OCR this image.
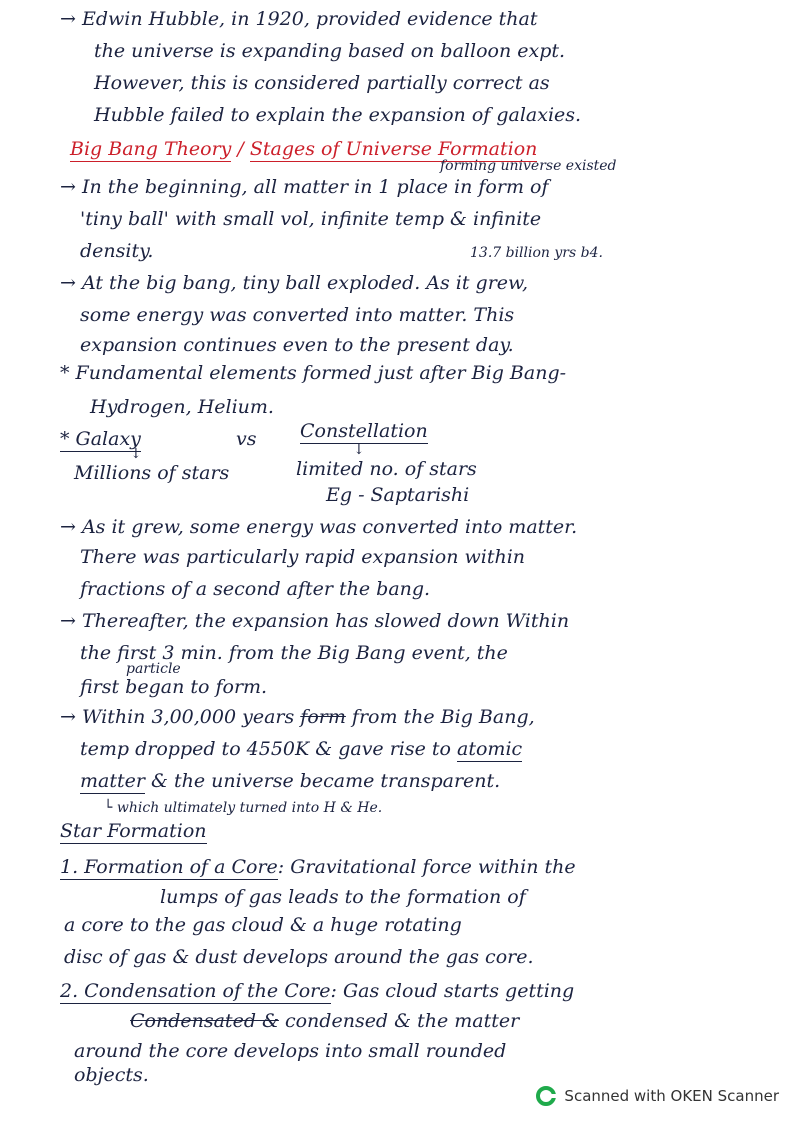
→ Edwin Hubble, in 1920, provided evidence that

the universe is expanding based on balloon expt.

However, this is considered partially correct as

Hubble failed to explain the expansion of galaxies.

Big Bang Theory / Stages of Universe Formation

forming universe existed

→ In the beginning, all matter in 1 place in form of

'tiny ball' with small vol, infinite temp & infinite

density.	13.7 billion yrs b4.

→ At the big bang, tiny ball exploded. As it grew,

some energy was converted into matter. This

expansion continues even to the present day.

* Fundamental elements formed just after Big Bang-

Hydrogen, Helium.

* Galaxy	vs Constellation

↓	↓

Millions of stars	limited no. of stars

Eg - Saptarishi

→ As it grew, some energy was converted into matter.

There was particularly rapid expansion within

fractions of a second after the bang.

→ Thereafter, the expansion has slowed down Within

the first 3 min. from the Big Bang event, the

particle

first began to form.

→ Within 3,00,000 years form from the Big Bang,

temp dropped to 4550K & gave rise to atomic

matter & the universe became transparent.

└ which ultimately turned into H & He.

Star Formation

1. Formation of a Core: Gravitational force within the

lumps of gas leads to the formation of

a core to the gas cloud & a huge rotating

disc of gas & dust develops around the gas core.

2. Condensation of the Core: Gas cloud starts getting

Condensated & condensed & the matter

around the core develops into small rounded

objects.

Scanned with OKEN Scanner
